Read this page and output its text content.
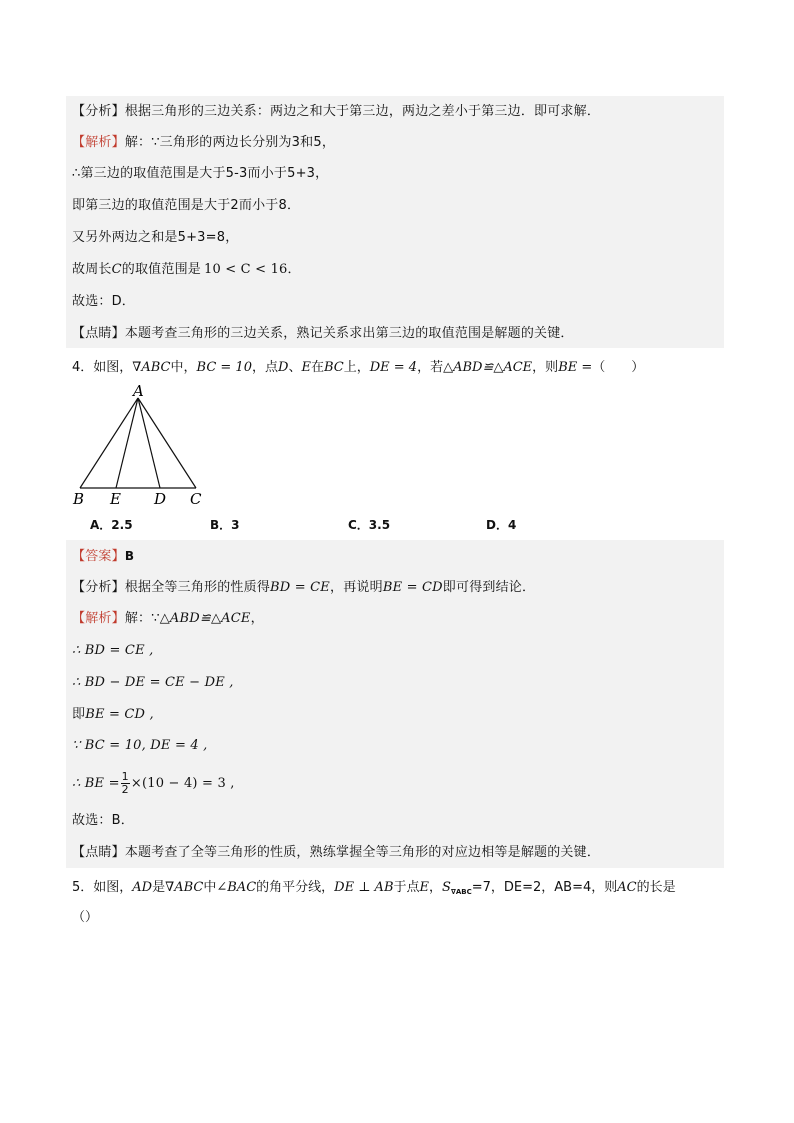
【分析】根据三角形的三边关系：两边之和大于第三边，两边之差小于第三边．即可求解．
【解析】解：∵三角形的两边长分别为3和5，
∴第三边的取值范围是大于5-3而小于5+3，
即第三边的取值范围是大于2而小于8．
又另外两边之和是5+3=8，
故周长C的取值范围是 10 < C < 16．
故选：D．
【点睛】本题考查三角形的三边关系，熟记关系求出第三边的取值范围是解题的关键．
4．如图，∇ABC中，BC = 10，点D、E在BC上，DE = 4，若△ABD≌△ACE，则BE =（　　）
A
B E D C
A．2.5	B．3	C．3.5	D．4
【答案】B
【分析】根据全等三角形的性质得BD = CE，再说明BE = CD即可得到结论．
【解析】解：∵△ABD≌△ACE，
∴ BD = CE ,
∴ BD − DE = CE − DE ,
即BE = CD ,
∵ BC = 10, DE = 4 ,
∴ BE = $\frac{1}{2} \times(10 - 4) = 3$ ,
故选：B．
【点睛】本题考查了全等三角形的性质，熟练掌握全等三角形的对应边相等是解题的关键．
5．如图，AD是∇ABC中∠BAC的角平分线，DE ⊥ AB于点E，$S_{\nabla ABC}=7$，DE=2，AB=4，则AC的长是
（）
